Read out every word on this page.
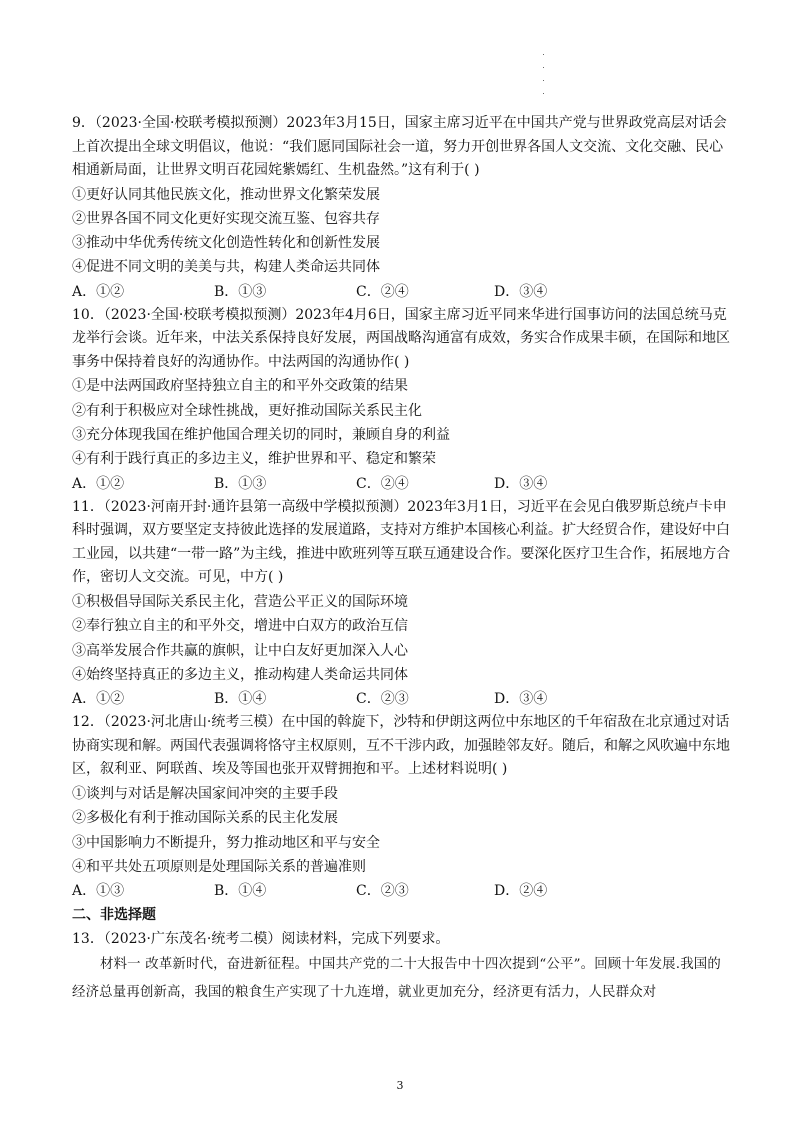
9．（2023·全国·校联考模拟预测）2023年3月15日，国家主席习近平在中国共产党与世界政党高层对话会上首次提出全球文明倡议，他说：“我们愿同国际社会一道，努力开创世界各国人文交流、文化交融、民心相通新局面，让世界文明百花园姹紫嫣红、生机盎然。”这有利于( )

①更好认同其他民族文化，推动世界文化繁荣发展

②世界各国不同文化更好实现交流互鉴、包容共存

③推动中华优秀传统文化创造性转化和创新性发展

④促进不同文明的美美与共，构建人类命运共同体

A．①②	B．①③	C．②④	D．③④

10．（2023·全国·校联考模拟预测）2023年4月6日，国家主席习近平同来华进行国事访问的法国总统马克龙举行会谈。近年来，中法关系保持良好发展，两国战略沟通富有成效，务实合作成果丰硕，在国际和地区事务中保持着良好的沟通协作。中法两国的沟通协作( )

①是中法两国政府坚持独立自主的和平外交政策的结果

②有利于积极应对全球性挑战，更好推动国际关系民主化

③充分体现我国在维护他国合理关切的同时，兼顾自身的利益

④有利于践行真正的多边主义，维护世界和平、稳定和繁荣

A．①②	B．①③	C．②④	D．③④

11．（2023·河南开封·通许县第一高级中学模拟预测）2023年3月1日，习近平在会见白俄罗斯总统卢卡申科时强调，双方要坚定支持彼此选择的发展道路，支持对方维护本国核心利益。扩大经贸合作，建设好中白工业园，以共建“一带一路”为主线，推进中欧班列等互联互通建设合作。要深化医疗卫生合作，拓展地方合作，密切人文交流。可见，中方( )

①积极倡导国际关系民主化，营造公平正义的国际环境

②奉行独立自主的和平外交，增进中白双方的政治互信

③高举发展合作共赢的旗帜，让中白友好更加深入人心

④始终坚持真正的多边主义，推动构建人类命运共同体

A．①②	B．①④	C．②③	D．③④

12．（2023·河北唐山·统考三模）在中国的斡旋下，沙特和伊朗这两位中东地区的千年宿敌在北京通过对话协商实现和解。两国代表强调将恪守主权原则，互不干涉内政，加强睦邻友好。随后，和解之风吹遍中东地区，叙利亚、阿联酋、埃及等国也张开双臂拥抱和平。上述材料说明( )

①谈判与对话是解决国家间冲突的主要手段

②多极化有利于推动国际关系的民主化发展

③中国影响力不断提升，努力推动地区和平与安全

④和平共处五项原则是处理国际关系的普遍准则

A．①③	B．①④	C．②③	D．②④

二、非选择题

13．（2023·广东茂名·统考二模）阅读材料，完成下列要求。

材料一 改革新时代，奋进新征程。中国共产党的二十大报告中十四次提到“公平”。回顾十年发展.我国的经济总量再创新高，我国的粮食生产实现了十九连增，就业更加充分，经济更有活力，人民群众对

3
